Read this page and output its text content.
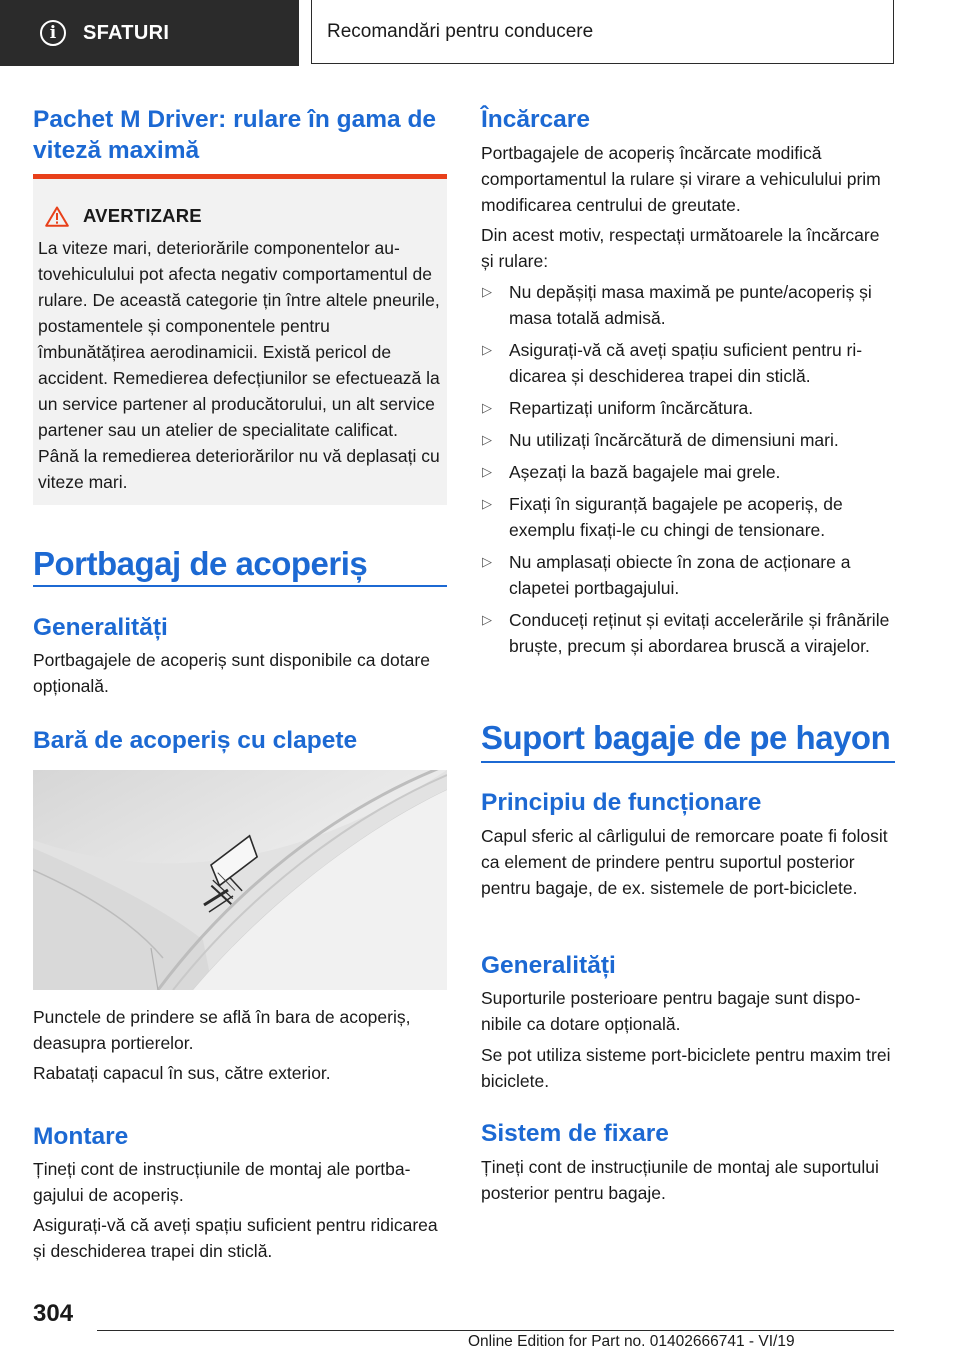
i	SFATURI	Recomandări pentru conducere
Pachet M Driver: rulare în gama de viteză maximă
AVERTIZARE

La viteze mari, deteriorările componentelor autovehiculului pot afecta negativ comportamentul de rulare. De această categorie țin între altele pneurile, postamentele și componentele pentru îmbunătățirea aerodinamicii. Există pericol de accident. Remedierea defecțiunilor se efectuează la un service partener al producătorului, un alt service partener sau un atelier de specialitate calificat. Până la remedierea deteriorărilor nu vă deplasați cu viteze mari.

Portbagaj de acoperiș
Generalități

Portbagajele de acoperiș sunt disponibile ca dotare opțională.

Bară de acoperiș cu clapete

Punctele de prindere se află în bara de acoperiș, deasupra portierelor.

Rabatați capacul în sus, către exterior.

Montare

Țineți cont de instrucțiunile de montaj ale portbagajului de acoperiș.

Asigurați-vă că aveți spațiu suficient pentru ridicarea și deschiderea trapei din sticlă.

Încărcare

Portbagajele de acoperiș încărcate modifică comportamentul la rulare și virare a vehiculului prim modificarea centrului de greutate.

Din acest motiv, respectați următoarele la încărcare și rulare:

▷ Nu depășiți masa maximă pe punte/acoperiș și masa totală admisă.
▷ Asigurați-vă că aveți spațiu suficient pentru ridicarea și deschiderea trapei din sticlă.
▷ Repartizați uniform încărcătura.
▷ Nu utilizați încărcătură de dimensiuni mari.
▷ Așezați la bază bagajele mai grele.
▷ Fixați în siguranță bagajele pe acoperiș, de exemplu fixați-le cu chingi de tensionare.
▷ Nu amplasați obiecte în zona de acționare a clapetei portbagajului.
▷ Conduceți reținut și evitați accelerările și frânările bruște, precum și abordarea bruscă a virajelor.
Suport bagaje de pe hayon
Principiu de funcționare

Capul sferic al cârligului de remorcare poate fi folosit ca element de prindere pentru suportul posterior pentru bagaje, de ex. sistemele de port-biciclete.

Generalități

Suporturile posterioare pentru bagaje sunt disponibile ca dotare opțională.

Se pot utiliza sisteme port-biciclete pentru maxim trei biciclete.

Sistem de fixare

Țineți cont de instrucțiunile de montaj ale suportului posterior pentru bagaje.

304
Online Edition for Part no. 01402666741 - VI/19
